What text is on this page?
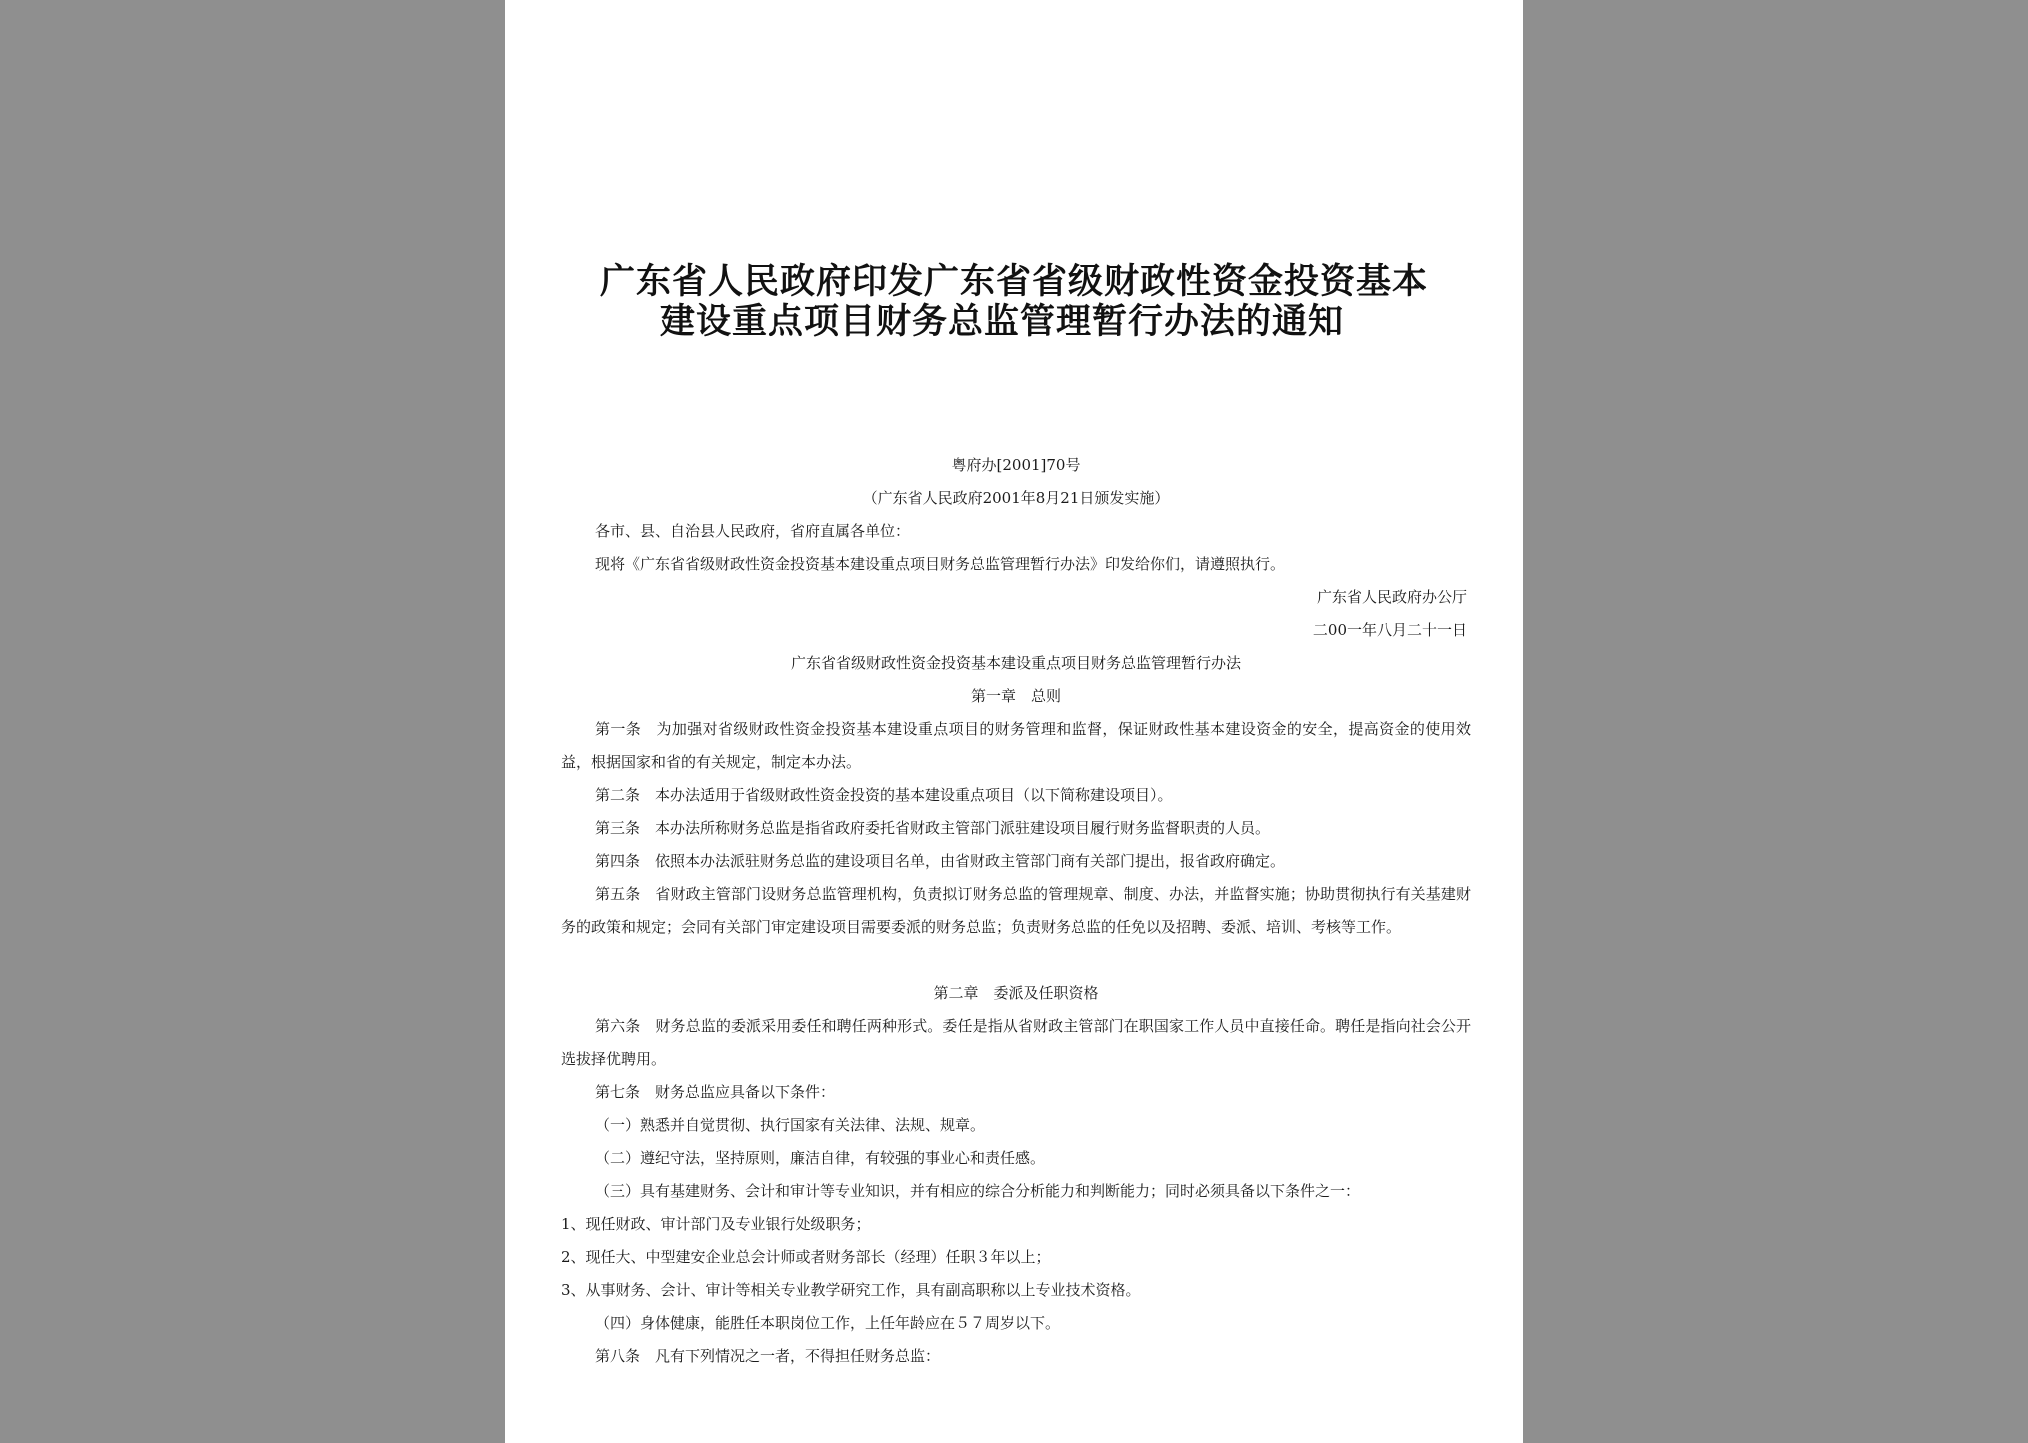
广东省人民政府印发广东省省级财政性资金投资基本
建设重点项目财务总监管理暂行办法的通知
粤府办[2001]70号
（广东省人民政府2001年8月21日颁发实施）
各市、县、自治县人民政府，省府直属各单位：
现将《广东省省级财政性资金投资基本建设重点项目财务总监管理暂行办法》印发给你们，请遵照执行。
广东省人民政府办公厅
二00一年八月二十一日
广东省省级财政性资金投资基本建设重点项目财务总监管理暂行办法
第一章　总则
第一条　为加强对省级财政性资金投资基本建设重点项目的财务管理和监督，保证财政性基本建设资金的安全，提高资金的使用效益，根据国家和省的有关规定，制定本办法。
第二条　本办法适用于省级财政性资金投资的基本建设重点项目（以下简称建设项目）。
第三条　本办法所称财务总监是指省政府委托省财政主管部门派驻建设项目履行财务监督职责的人员。
第四条　依照本办法派驻财务总监的建设项目名单，由省财政主管部门商有关部门提出，报省政府确定。
第五条　省财政主管部门设财务总监管理机构，负责拟订财务总监的管理规章、制度、办法，并监督实施；协助贯彻执行有关基建财务的政策和规定；会同有关部门审定建设项目需要委派的财务总监；负责财务总监的任免以及招聘、委派、培训、考核等工作。
第二章　委派及任职资格
第六条　财务总监的委派采用委任和聘任两种形式。委任是指从省财政主管部门在职国家工作人员中直接任命。聘任是指向社会公开选拔择优聘用。
第七条　财务总监应具备以下条件：
（一）熟悉并自觉贯彻、执行国家有关法律、法规、规章。
（二）遵纪守法，坚持原则，廉洁自律，有较强的事业心和责任感。
（三）具有基建财务、会计和审计等专业知识，并有相应的综合分析能力和判断能力；同时必须具备以下条件之一：
1、现任财政、审计部门及专业银行处级职务；
2、现任大、中型建安企业总会计师或者财务部长（经理）任职３年以上；
3、从事财务、会计、审计等相关专业教学研究工作，具有副高职称以上专业技术资格。
（四）身体健康，能胜任本职岗位工作，上任年龄应在５７周岁以下。
第八条　凡有下列情况之一者，不得担任财务总监：
